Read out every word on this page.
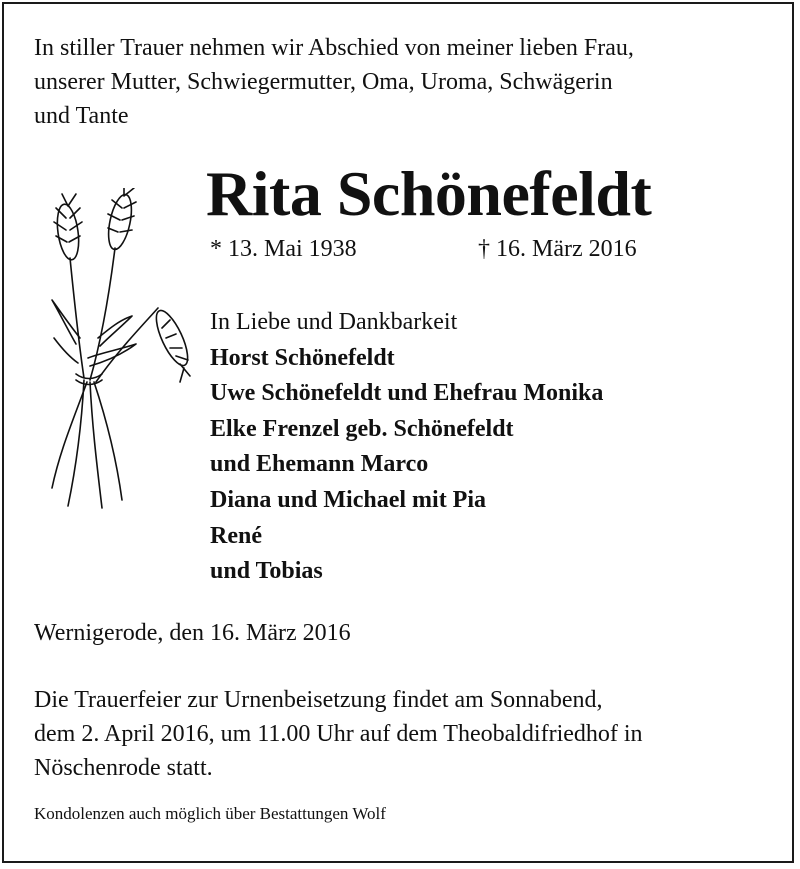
In stiller Trauer nehmen wir Abschied von meiner lieben Frau,
unserer Mutter, Schwiegermutter, Oma, Uroma, Schwägerin
und Tante
Rita Schönefeldt
* 13. Mai 1938	† 16. März 2016
In Liebe und Dankbarkeit
Horst Schönefeldt
Uwe Schönefeldt und Ehefrau Monika
Elke Frenzel geb. Schönefeldt
und Ehemann Marco
Diana und Michael mit Pia
René
und Tobias
Wernigerode, den 16. März 2016
Die Trauerfeier zur Urnenbeisetzung findet am Sonnabend,
dem 2. April 2016, um 11.00 Uhr auf dem Theobaldifriedhof in
Nöschenrode statt.
Kondolenzen auch möglich über Bestattungen Wolf
